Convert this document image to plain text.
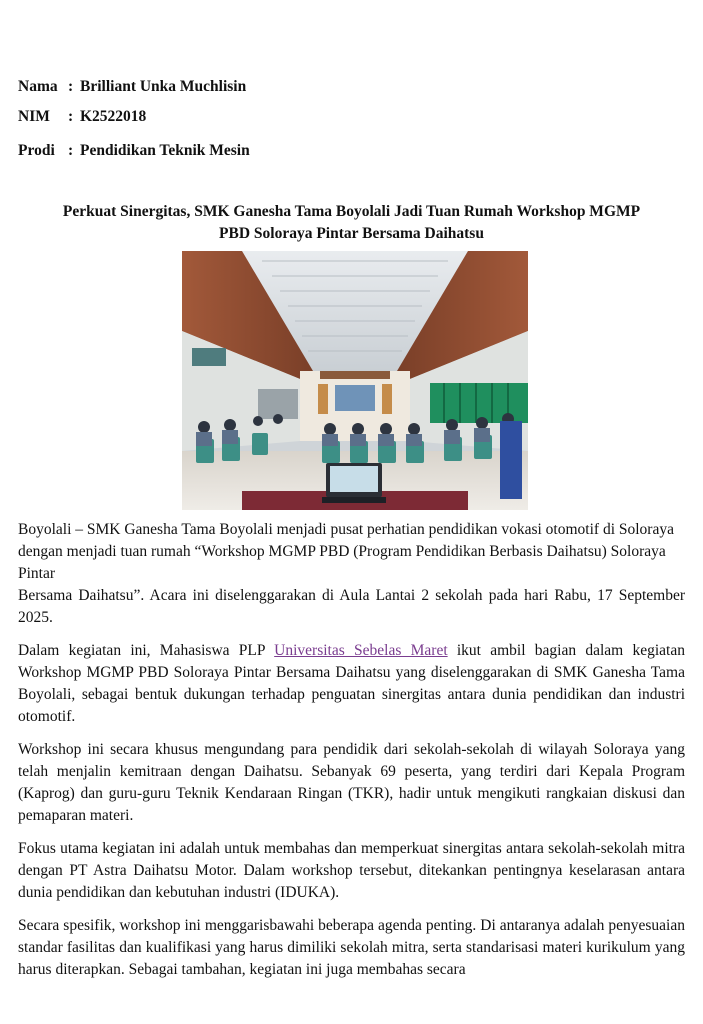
Nama : Brilliant Unka Muchlisin
NIM	: K2522018
Prodi : Pendidikan Teknik Mesin
Perkuat Sinergitas, SMK Ganesha Tama Boyolali Jadi Tuan Rumah Workshop MGMP
PBD Soloraya Pintar Bersama Daihatsu

Boyolali – SMK Ganesha Tama Boyolali menjadi pusat perhatian pendidikan vokasi otomotif di Soloraya dengan menjadi tuan rumah “Workshop MGMP PBD (Program Pendidikan Berbasis Daihatsu) Soloraya Pintar

Bersama Daihatsu”. Acara ini diselenggarakan di Aula Lantai 2 sekolah pada hari Rabu, 17 September 2025.

Dalam kegiatan ini, Mahasiswa PLP Universitas Sebelas Maret ikut ambil bagian dalam kegiatan Workshop MGMP PBD Soloraya Pintar Bersama Daihatsu yang diselenggarakan di SMK Ganesha Tama Boyolali, sebagai bentuk dukungan terhadap penguatan sinergitas antara dunia pendidikan dan industri otomotif.

Workshop ini secara khusus mengundang para pendidik dari sekolah-sekolah di wilayah Soloraya yang telah menjalin kemitraan dengan Daihatsu. Sebanyak 69 peserta, yang terdiri dari Kepala Program (Kaprog) dan guru-guru Teknik Kendaraan Ringan (TKR), hadir untuk mengikuti rangkaian diskusi dan pemaparan materi.

Fokus utama kegiatan ini adalah untuk membahas dan memperkuat sinergitas antara sekolah-sekolah mitra dengan PT Astra Daihatsu Motor. Dalam workshop tersebut, ditekankan pentingnya keselarasan antara dunia pendidikan dan kebutuhan industri (IDUKA).

Secara spesifik, workshop ini menggarisbawahi beberapa agenda penting. Di antaranya adalah penyesuaian standar fasilitas dan kualifikasi yang harus dimiliki sekolah mitra, serta standarisasi materi kurikulum yang harus diterapkan. Sebagai tambahan, kegiatan ini juga membahas secara
